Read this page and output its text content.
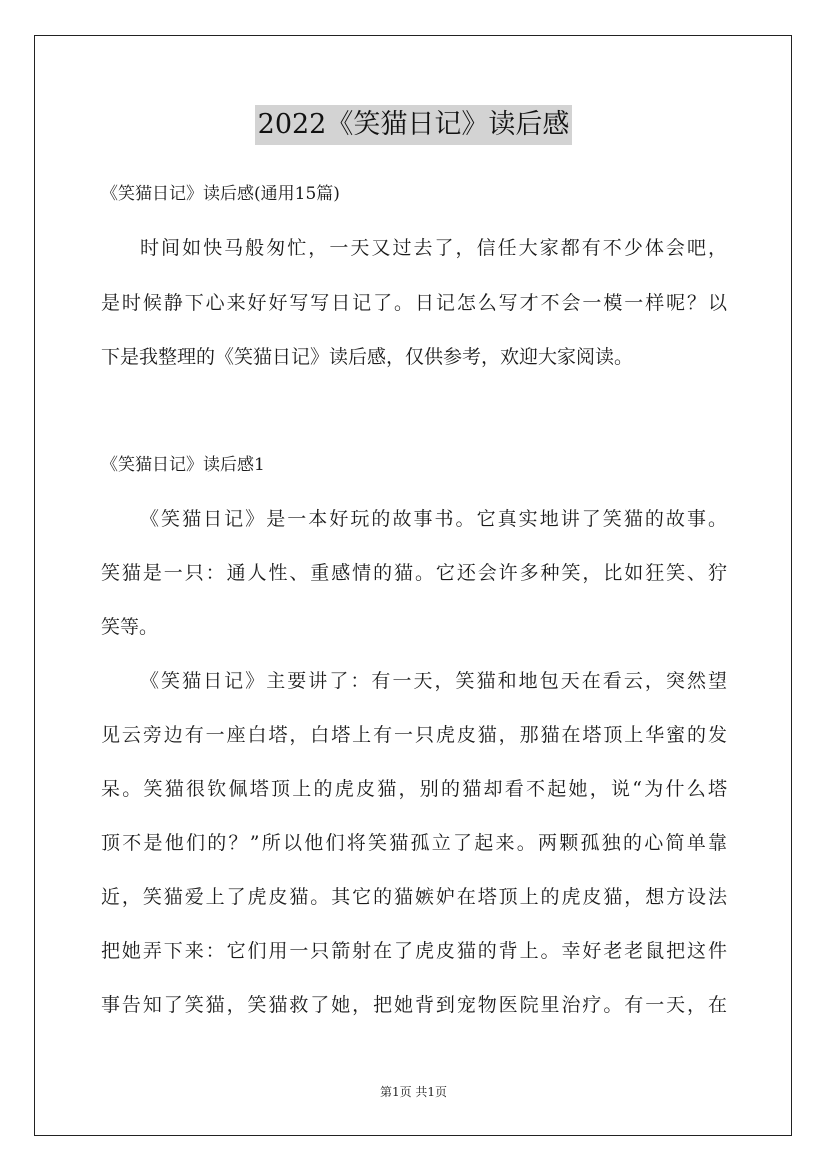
2022《笑猫日记》读后感
《笑猫日记》读后感(通用15篇)
时间如快马般匆忙，一天又过去了，信任大家都有不少体会吧，
是时候静下心来好好写写日记了。日记怎么写才不会一模一样呢？以
下是我整理的《笑猫日记》读后感，仅供参考，欢迎大家阅读。
《笑猫日记》读后感1
《笑猫日记》是一本好玩的故事书。它真实地讲了笑猫的故事。
笑猫是一只：通人性、重感情的猫。它还会许多种笑，比如狂笑、狞
笑等。
《笑猫日记》主要讲了：有一天，笑猫和地包天在看云，突然望
见云旁边有一座白塔，白塔上有一只虎皮猫，那猫在塔顶上华蜜的发
呆。笑猫很钦佩塔顶上的虎皮猫，别的猫却看不起她，说“为什么塔
顶不是他们的？”所以他们将笑猫孤立了起来。两颗孤独的心简单靠
近，笑猫爱上了虎皮猫。其它的猫嫉妒在塔顶上的虎皮猫，想方设法
把她弄下来：它们用一只箭射在了虎皮猫的背上。幸好老老鼠把这件
事告知了笑猫，笑猫救了她，把她背到宠物医院里治疗。有一天，在
第1页 共1页
